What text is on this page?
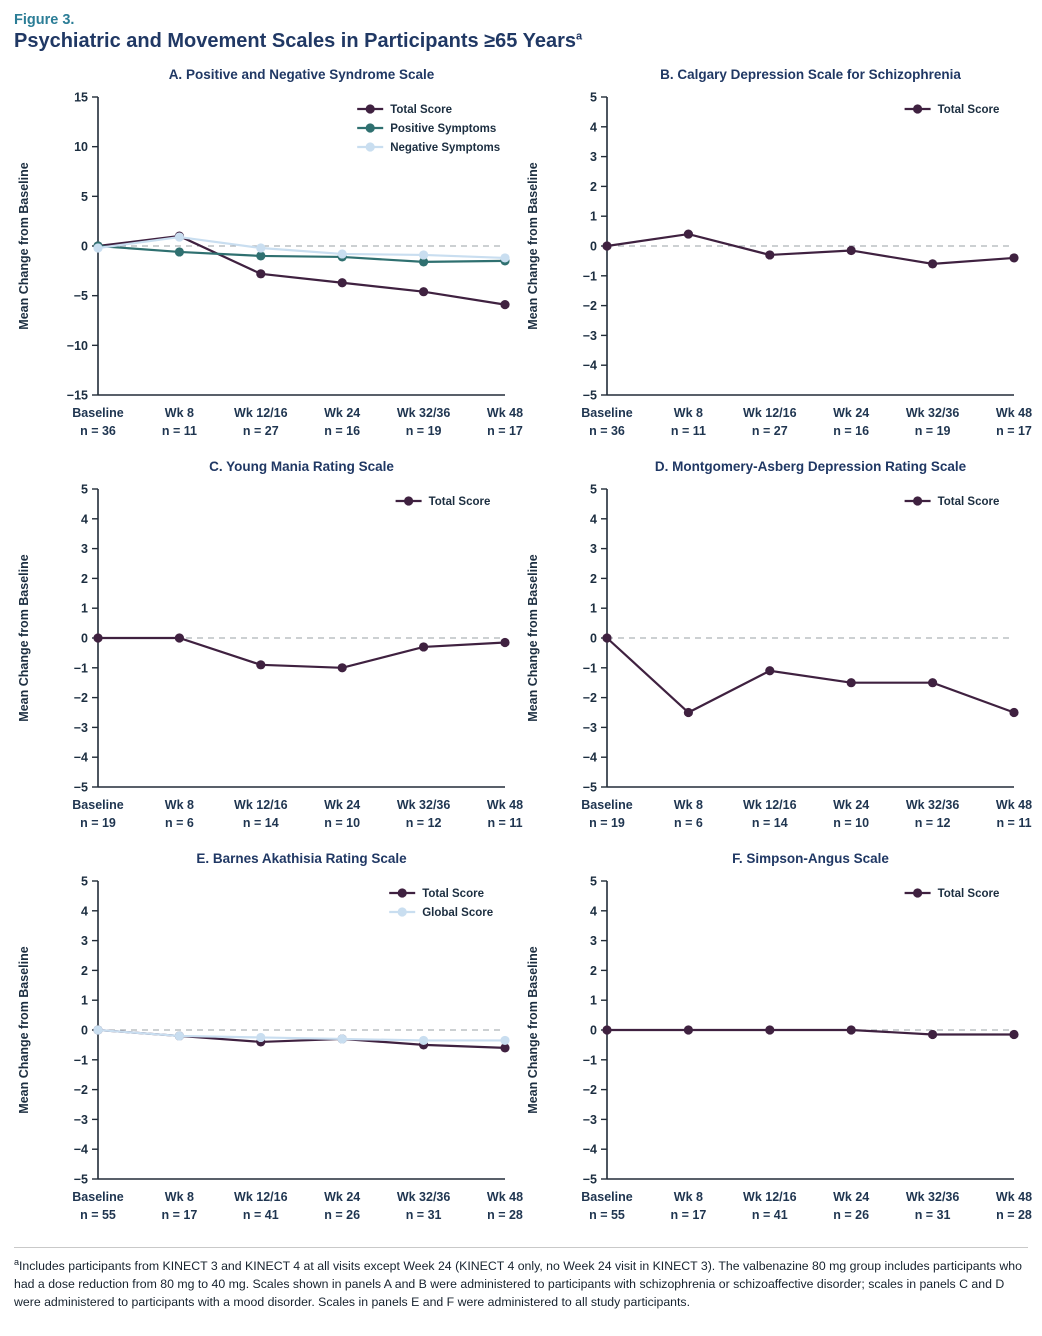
Figure 3.
Psychiatric and Movement Scales in Participants ≥65 Years$^a$
A. Positive and Negative Syndrome Scale
−15
−10
−5
0
5
10
15
Baseline
n = 36
Wk 8
n = 11
Wk 12/16
n = 27
Wk 24
n = 16
Wk 32/36
n = 19
Wk 48
n = 17
Mean Change from Baseline
Total Score
Positive Symptoms
Negative Symptoms
B. Calgary Depression Scale for Schizophrenia
−5
−4
−3
−2
−1
0
1
2
3
4
5
Baseline
n = 36
Wk 8
n = 11
Wk 12/16
n = 27
Wk 24
n = 16
Wk 32/36
n = 19
Wk 48
n = 17
Mean Change from Baseline
Total Score
C. Young Mania Rating Scale
−5
−4
−3
−2
−1
0
1
2
3
4
5
Baseline
n = 19
Wk 8
n = 6
Wk 12/16
n = 14
Wk 24
n = 10
Wk 32/36
n = 12
Wk 48
n = 11
Mean Change from Baseline
Total Score
D. Montgomery-Asberg Depression Rating Scale
−5
−4
−3
−2
−1
0
1
2
3
4
5
Baseline
n = 19
Wk 8
n = 6
Wk 12/16
n = 14
Wk 24
n = 10
Wk 32/36
n = 12
Wk 48
n = 11
Mean Change from Baseline
Total Score
E. Barnes Akathisia Rating Scale
−5
−4
−3
−2
−1
0
1
2
3
4
5
Baseline
n = 55
Wk 8
n = 17
Wk 12/16
n = 41
Wk 24
n = 26
Wk 32/36
n = 31
Wk 48
n = 28
Mean Change from Baseline
Total Score
Global Score
F. Simpson-Angus Scale
−5
−4
−3
−2
−1
0
1
2
3
4
5
Baseline
n = 55
Wk 8
n = 17
Wk 12/16
n = 41
Wk 24
n = 26
Wk 32/36
n = 31
Wk 48
n = 28
Mean Change from Baseline
Total Score
$^a$Includes participants from KINECT 3 and KINECT 4 at all visits except Week 24 (KINECT 4 only, no Week 24 visit in KINECT 3). The valbenazine 80 mg group includes participants who had a dose reduction from 80 mg to 40 mg. Scales shown in panels A and B were administered to participants with schizophrenia or schizoaffective disorder; scales in panels C and D were administered to participants with a mood disorder. Scales in panels E and F were administered to all study participants.
